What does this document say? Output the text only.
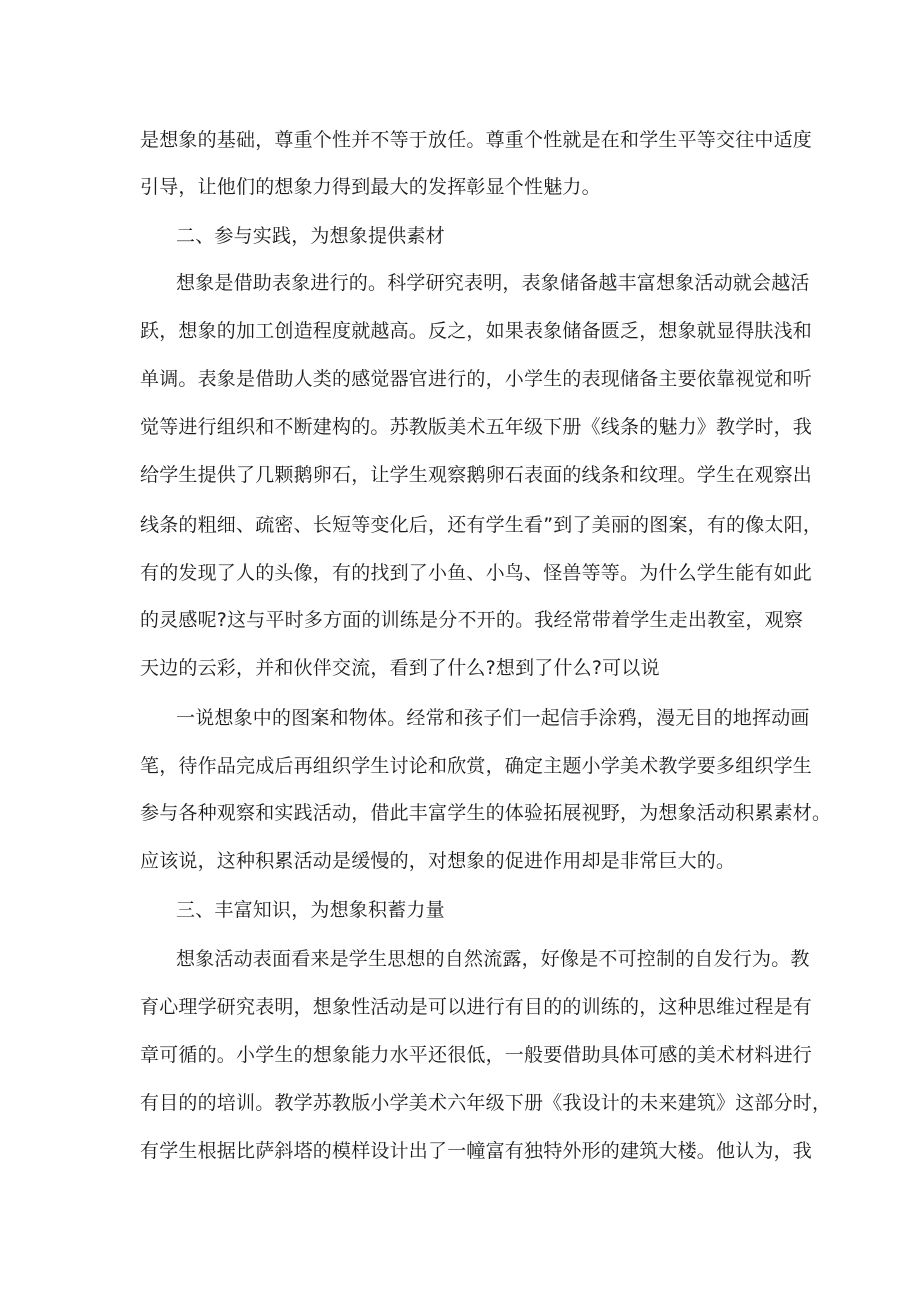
是想象的基础，尊重个性并不等于放任。尊重个性就是在和学生平等交往中适度
引导，让他们的想象力得到最大的发挥彰显个性魅力。
二、参与实践，为想象提供素材
想象是借助表象进行的。科学研究表明，表象储备越丰富想象活动就会越活
跃，想象的加工创造程度就越高。反之，如果表象储备匮乏，想象就显得肤浅和
单调。表象是借助人类的感觉器官进行的，小学生的表现储备主要依靠视觉和听
觉等进行组织和不断建构的。苏教版美术五年级下册《线条的魅力》教学时，我
给学生提供了几颗鹅卵石，让学生观察鹅卵石表面的线条和纹理。学生在观察出
线条的粗细、疏密、长短等变化后，还有学生看”到了美丽的图案，有的像太阳，
有的发现了人的头像，有的找到了小鱼、小鸟、怪兽等等。为什么学生能有如此
的灵感呢?这与平时多方面的训练是分不开的。我经常带着学生走出教室，观察
天边的云彩，并和伙伴交流，看到了什么?想到了什么?可以说
一说想象中的图案和物体。经常和孩子们一起信手涂鸦，漫无目的地挥动画
笔，待作品完成后再组织学生讨论和欣赏，确定主题小学美术教学要多组织学生
参与各种观察和实践活动，借此丰富学生的体验拓展视野，为想象活动积累素材。
应该说，这种积累活动是缓慢的，对想象的促进作用却是非常巨大的。
三、丰富知识，为想象积蓄力量
想象活动表面看来是学生思想的自然流露，好像是不可控制的自发行为。教
育心理学研究表明，想象性活动是可以进行有目的的训练的，这种思维过程是有
章可循的。小学生的想象能力水平还很低，一般要借助具体可感的美术材料进行
有目的的培训。教学苏教版小学美术六年级下册《我设计的未来建筑》这部分时，
有学生根据比萨斜塔的模样设计出了一幢富有独特外形的建筑大楼。他认为，我
